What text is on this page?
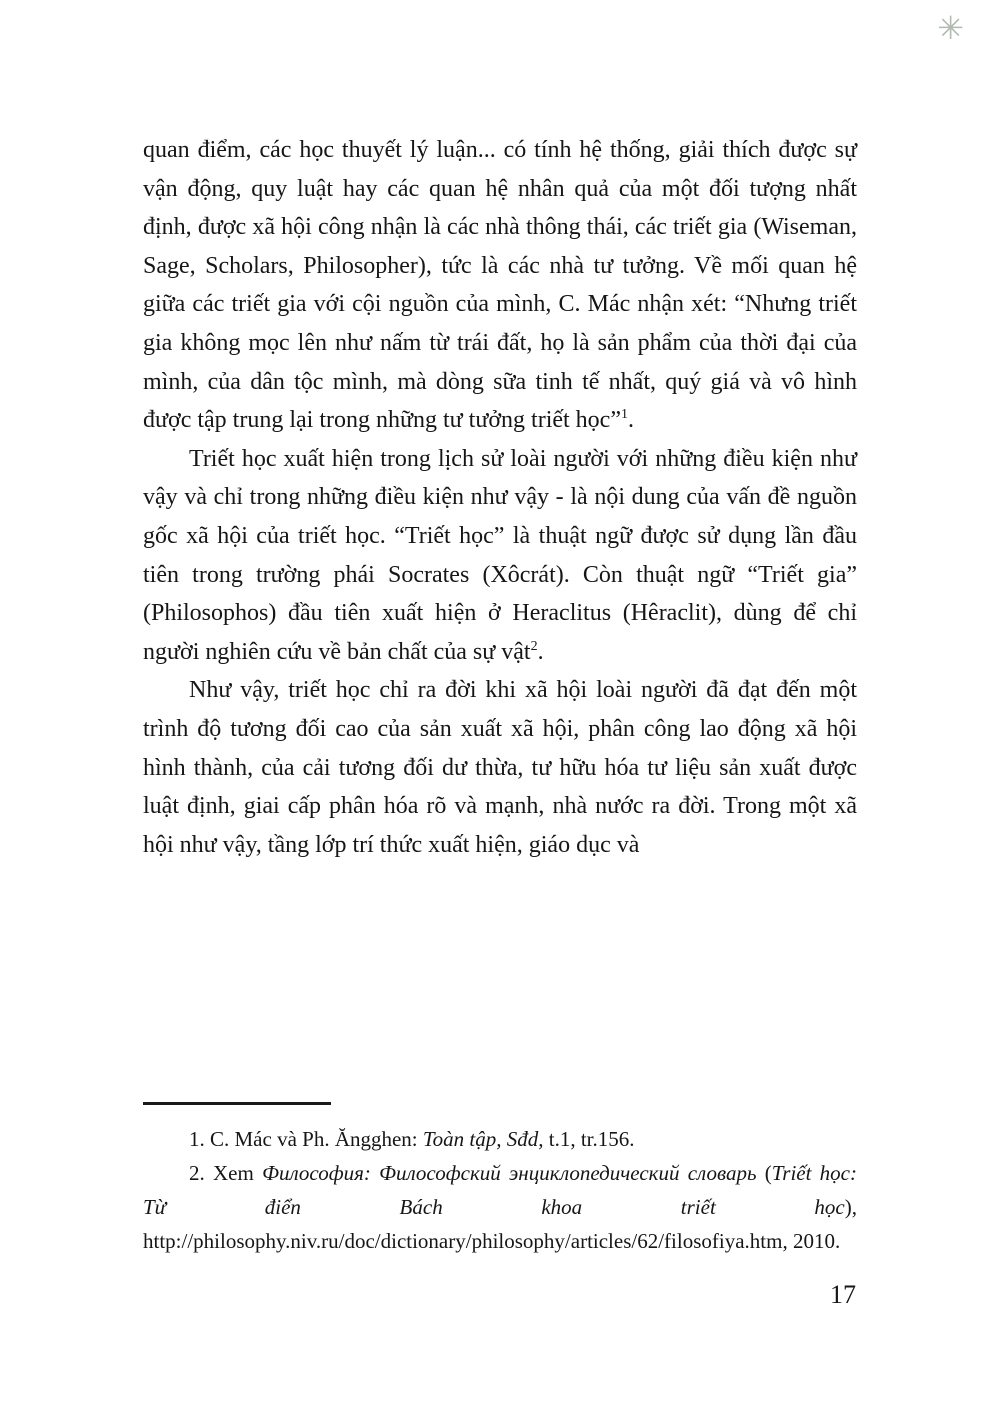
✳

quan điểm, các học thuyết lý luận... có tính hệ thống, giải thích được sự vận động, quy luật hay các quan hệ nhân quả của một đối tượng nhất định, được xã hội công nhận là các nhà thông thái, các triết gia (Wiseman, Sage, Scholars, Philosopher), tức là các nhà tư tưởng. Về mối quan hệ giữa các triết gia với cội nguồn của mình, C. Mác nhận xét: “Nhưng triết gia không mọc lên như nấm từ trái đất, họ là sản phẩm của thời đại của mình, của dân tộc mình, mà dòng sữa tinh tế nhất, quý giá và vô hình được tập trung lại trong những tư tưởng triết học”$^1$.

Triết học xuất hiện trong lịch sử loài người với những điều kiện như vậy và chỉ trong những điều kiện như vậy - là nội dung của vấn đề nguồn gốc xã hội của triết học. “Triết học” là thuật ngữ được sử dụng lần đầu tiên trong trường phái Socrates (Xôcrát). Còn thuật ngữ “Triết gia” (Philosophos) đầu tiên xuất hiện ở Heraclitus (Hêraclit), dùng để chỉ người nghiên cứu về bản chất của sự vật$^2$.

Như vậy, triết học chỉ ra đời khi xã hội loài người đã đạt đến một trình độ tương đối cao của sản xuất xã hội, phân công lao động xã hội hình thành, của cải tương đối dư thừa, tư hữu hóa tư liệu sản xuất được luật định, giai cấp phân hóa rõ và mạnh, nhà nước ra đời. Trong một xã hội như vậy, tầng lớp trí thức xuất hiện, giáo dục và

1. C. Mác và Ph. Ăngghen: Toàn tập, Sđd, t.1, tr.156.

2. Xem Философия: Философский энциклопедический словарь (Triết học: Từ điển Bách khoa triết học), http://philosophy.niv.ru/doc/dictionary/philosophy/articles/62/filosofiya.htm, 2010.

17
